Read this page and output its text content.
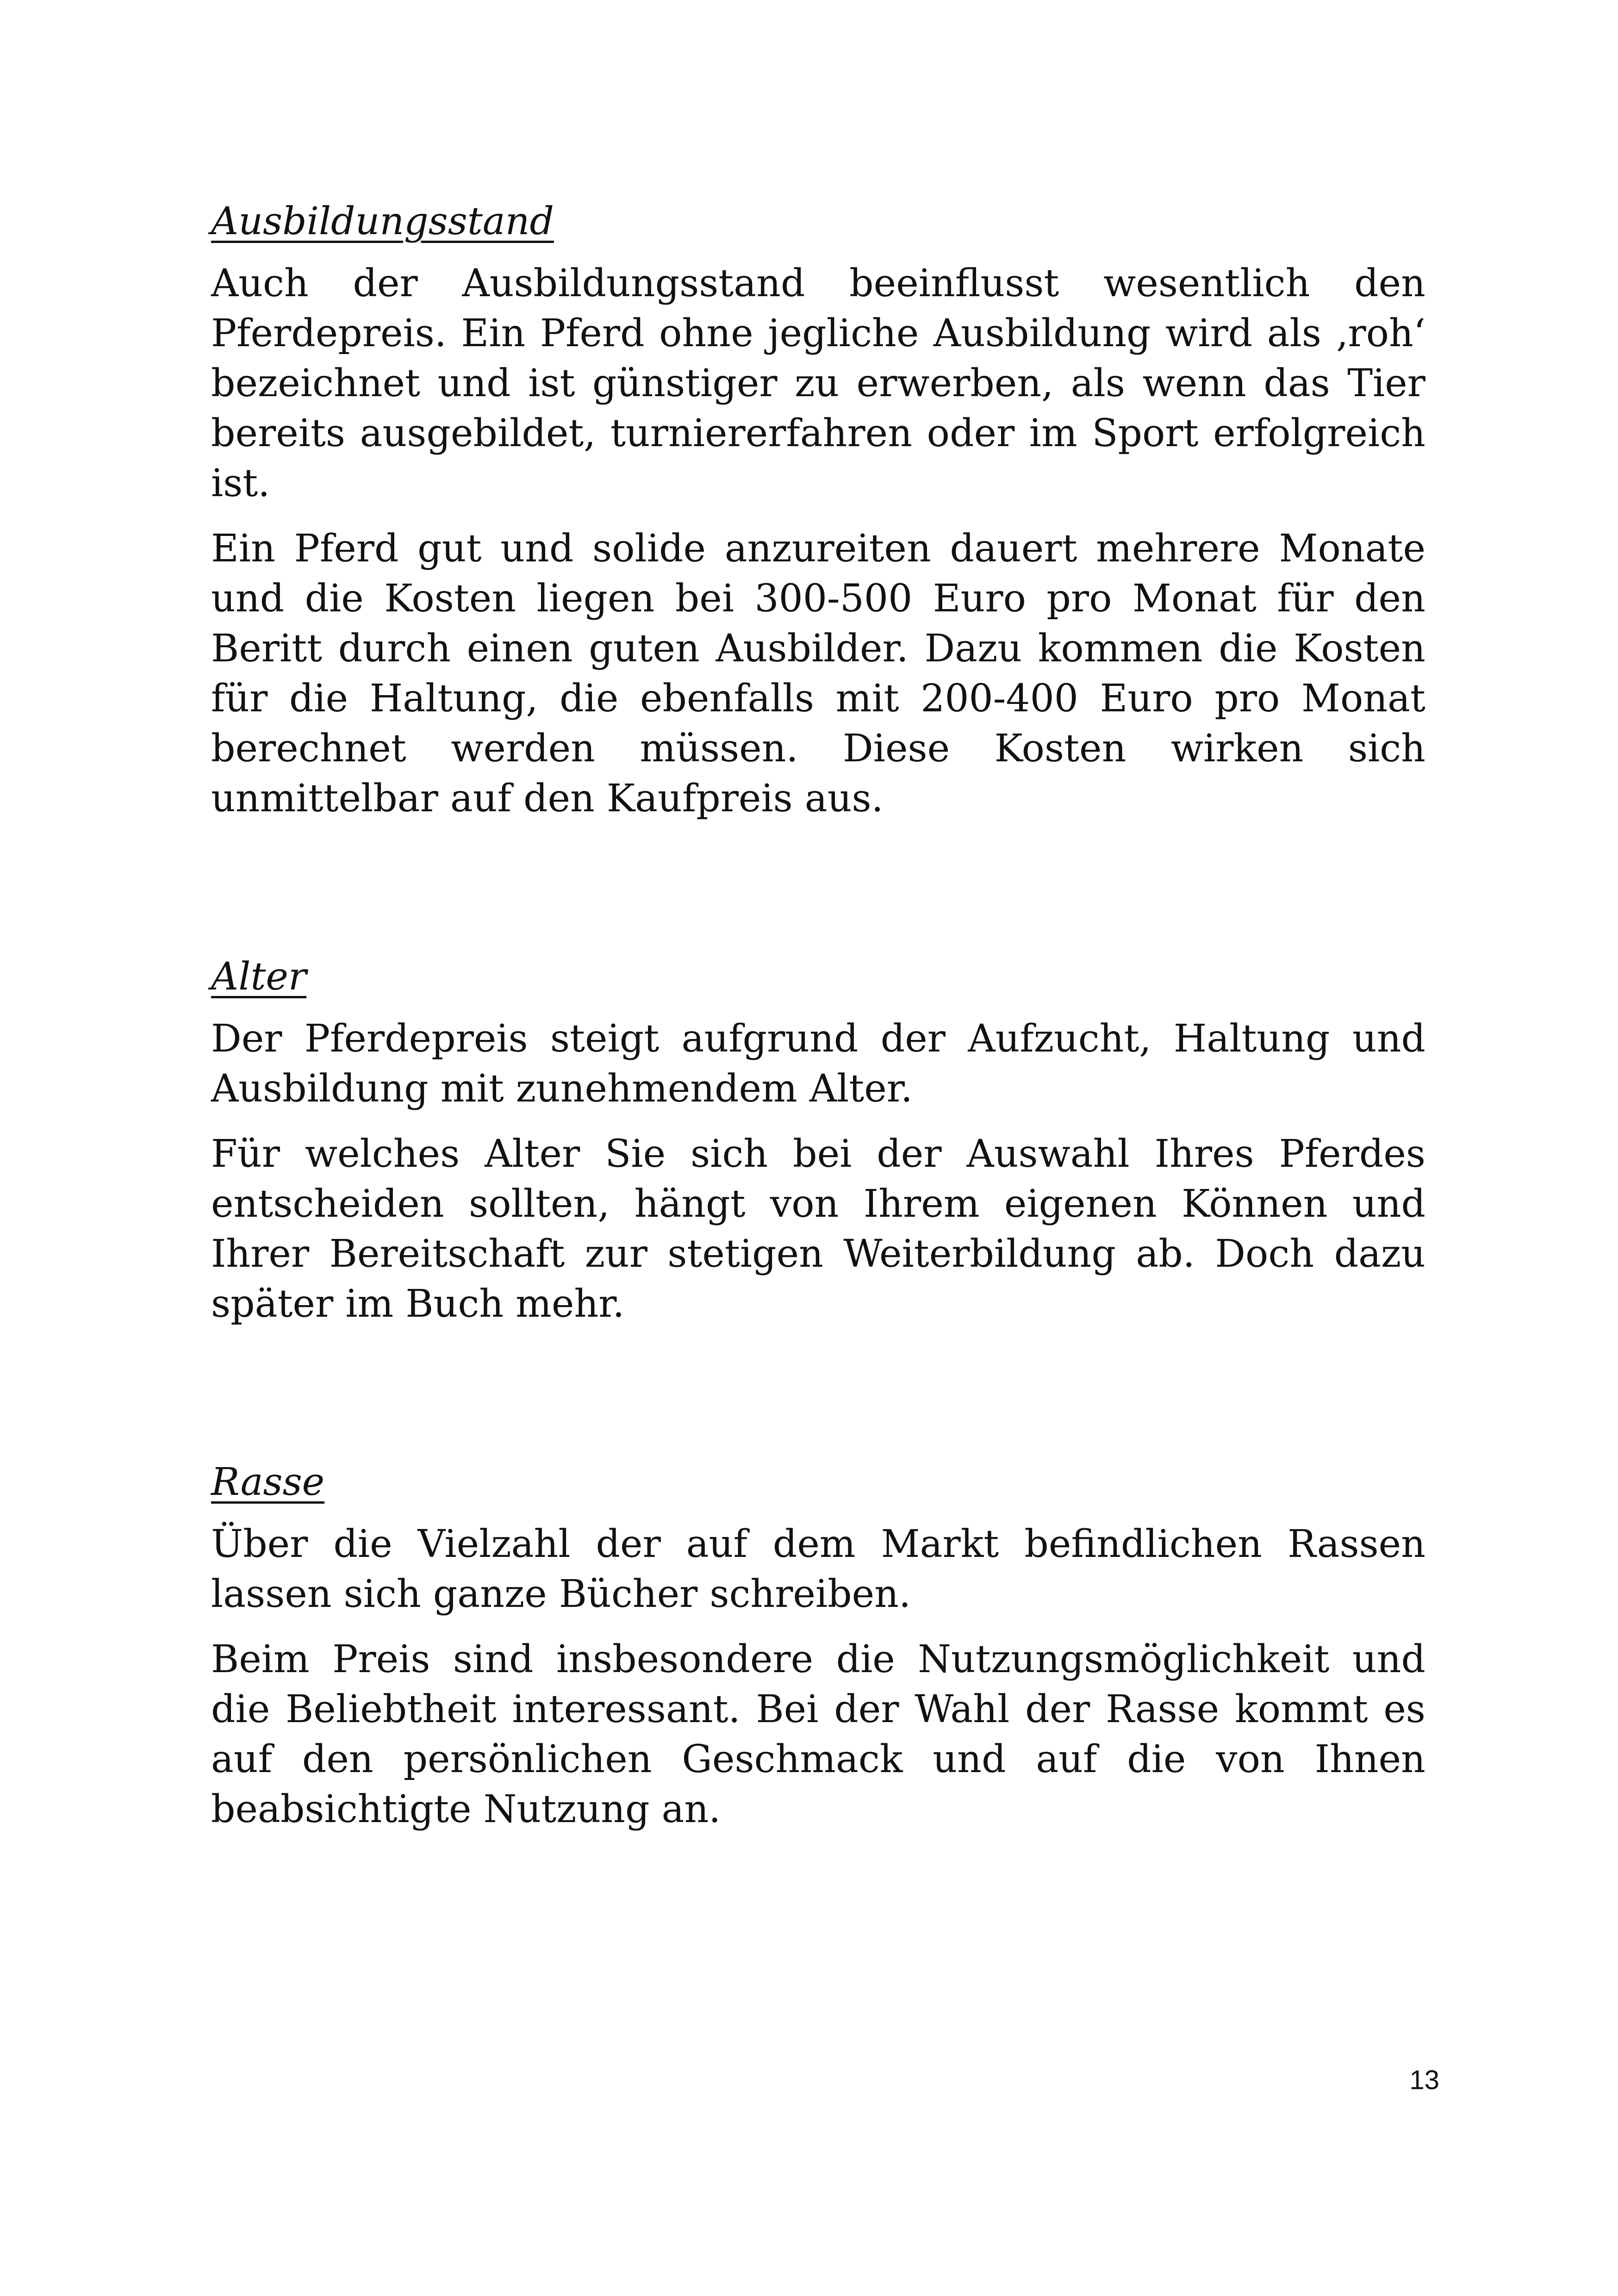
Ausbildungsstand

Auch der Ausbildungsstand beeinflusst wesentlich den Pferdepreis. Ein Pferd ohne jegliche Ausbildung wird als ‚roh‘ bezeichnet und ist günstiger zu erwerben, als wenn das Tier bereits ausgebildet, turniererfahren oder im Sport erfolgreich ist.

Ein Pferd gut und solide anzureiten dauert mehrere Monate und die Kosten liegen bei 300-500 Euro pro Monat für den Beritt durch einen guten Ausbilder. Dazu kommen die Kosten für die Haltung, die ebenfalls mit 200-400 Euro pro Monat berechnet werden müssen. Diese Kosten wirken sich unmittelbar auf den Kaufpreis aus.

Alter

Der Pferdepreis steigt aufgrund der Aufzucht, Haltung und Ausbildung mit zunehmendem Alter.

Für welches Alter Sie sich bei der Auswahl Ihres Pferdes entscheiden sollten, hängt von Ihrem eigenen Können und Ihrer Bereitschaft zur stetigen Weiterbildung ab. Doch dazu später im Buch mehr.

Rasse

Über die Vielzahl der auf dem Markt befindlichen Rassen lassen sich ganze Bücher schreiben.

Beim Preis sind insbesondere die Nutzungsmöglichkeit und die Beliebtheit interessant. Bei der Wahl der Rasse kommt es auf den persönlichen Geschmack und auf die von Ihnen beabsichtigte Nutzung an.

13
